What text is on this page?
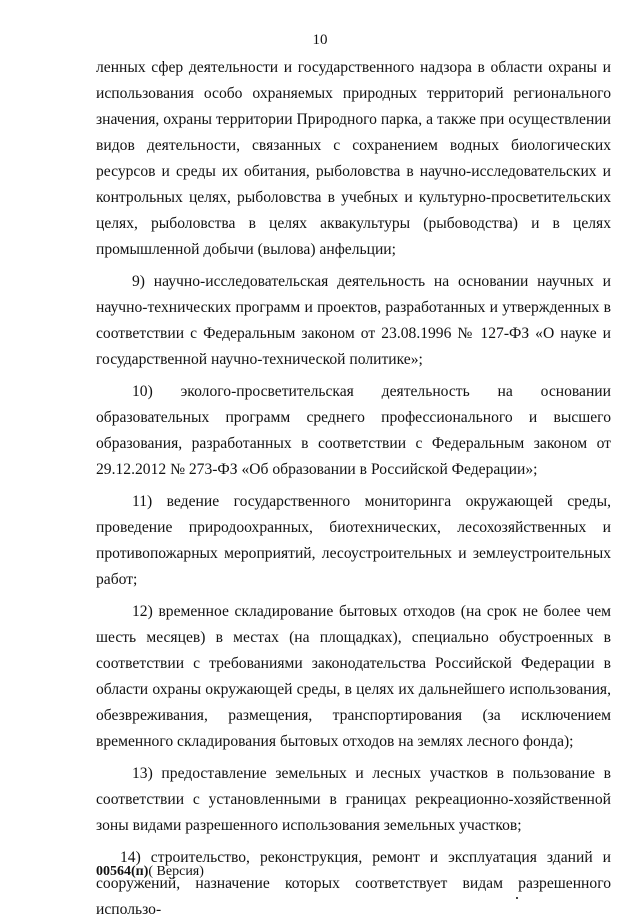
10

ленных сфер деятельности и государственного надзора в области охраны и использования особо охраняемых природных территорий регионального значения, охраны территории Природного парка, а также при осуществлении видов деятельности, связанных с сохранением водных биологических ресурсов и среды их обитания, рыболовства в научно-исследовательских и контрольных целях, рыболовства в учебных и культурно-просветительских целях, рыболовства в целях аквакультуры (рыбоводства) и в целях промышленной добычи (вылова) анфельции;

9) научно-исследовательская деятельность на основании научных и научно-технических программ и проектов, разработанных и утвержденных в соответствии с Федеральным законом от 23.08.1996 № 127-ФЗ «О науке и государственной научно-технической политике»;

10) эколого-просветительская деятельность на основании образовательных программ среднего профессионального и высшего образования, разработанных в соответствии с Федеральным законом от 29.12.2012 № 273-ФЗ «Об образовании в Российской Федерации»;

11) ведение государственного мониторинга окружающей среды, проведение природоохранных, биотехнических, лесохозяйственных и противопожарных мероприятий, лесоустроительных и землеустроительных работ;

12) временное складирование бытовых отходов (на срок не более чем шесть месяцев) в местах (на площадках), специально обустроенных в соответствии с требованиями законодательства Российской Федерации в области охраны окружающей среды, в целях их дальнейшего использования, обезвреживания, размещения, транспортирования (за исключением временного складирования бытовых отходов на землях лесного фонда);

13) предоставление земельных и лесных участков в пользование в соответствии с установленными в границах рекреационно-хозяйственной зоны видами разрешенного использования земельных участков;

14) строительство, реконструкция, ремонт и эксплуатация зданий и сооружений, назначение которых соответствует видам разрешенного использо-

00564(п)( Версия)
